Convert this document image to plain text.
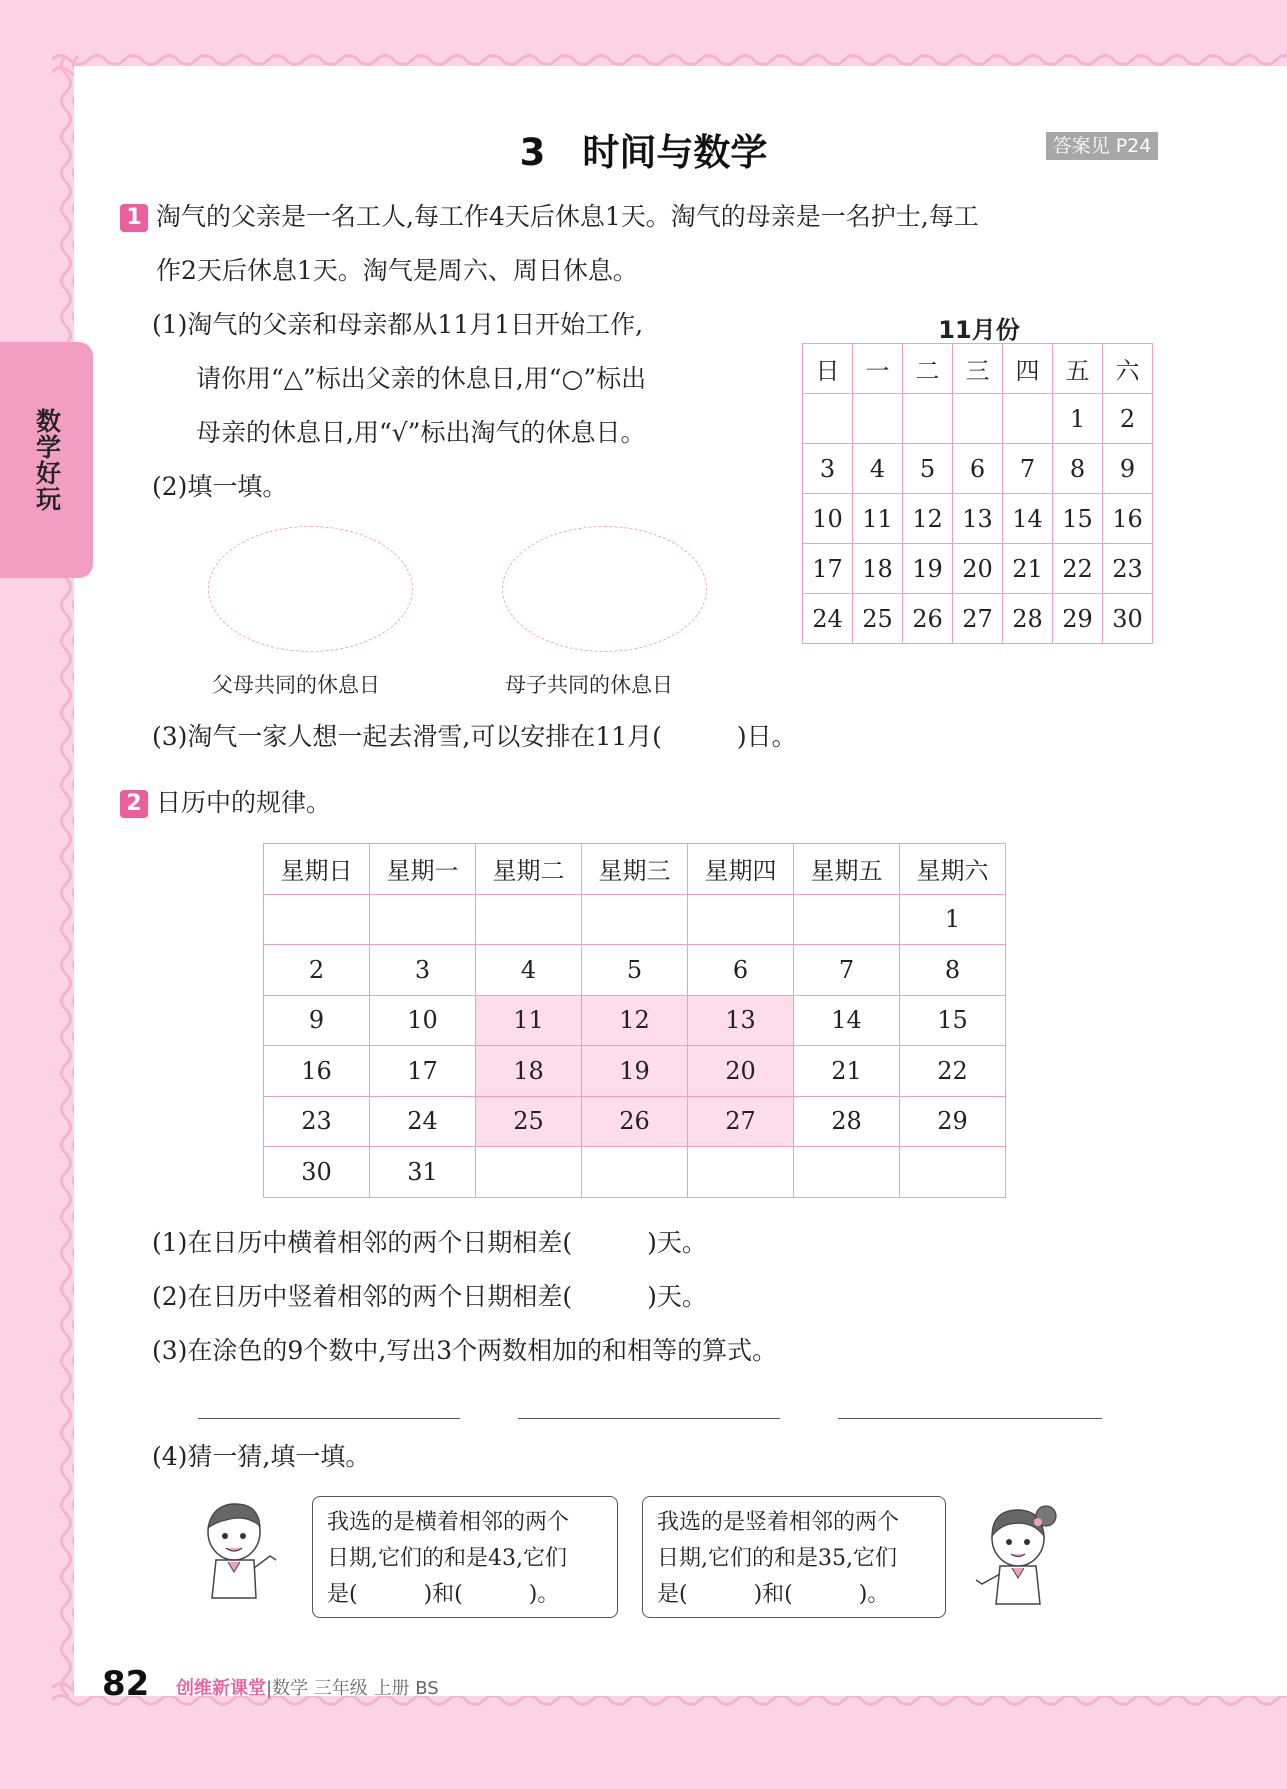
数学好玩
3　时间与数学	答案见 P24
1 淘气的父亲是一名工人,每工作4天后休息1天。淘气的母亲是一名护士,每工
作2天后休息1天。淘气是周六、周日休息。
(1)淘气的父亲和母亲都从11月1日开始工作,
请你用“△”标出父亲的休息日,用“○”标出
母亲的休息日,用“√”标出淘气的休息日。
(2)填一填。
父母共同的休息日	母子共同的休息日
(3)淘气一家人想一起去滑雪,可以安排在11月(　　　)日。
11月份
日	一	二	三	四	五	六
					1	2
3	4	5	6	7	8	9
10	11	12	13	14	15	16
17	18	19	20	21	22	23
24	25	26	27	28	29	30
2 日历中的规律。
星期日	星期一	星期二	星期三	星期四	星期五	星期六
						1
2	3	4	5	6	7	8
9	10	11	12	13	14	15
16	17	18	19	20	21	22
23	24	25	26	27	28	29
30	31					
(1)在日历中横着相邻的两个日期相差(　　　)天。
(2)在日历中竖着相邻的两个日期相差(　　　)天。
(3)在涂色的9个数中,写出3个两数相加的和相等的算式。
(4)猜一猜,填一填。
我选的是横着相邻的两个
日期,它们的和是43,它们
是(　　　)和(　　　)。
我选的是竖着相邻的两个
日期,它们的和是35,它们
是(　　　)和(　　　)。
82 创维新课堂|数学 三年级 上册 BS
